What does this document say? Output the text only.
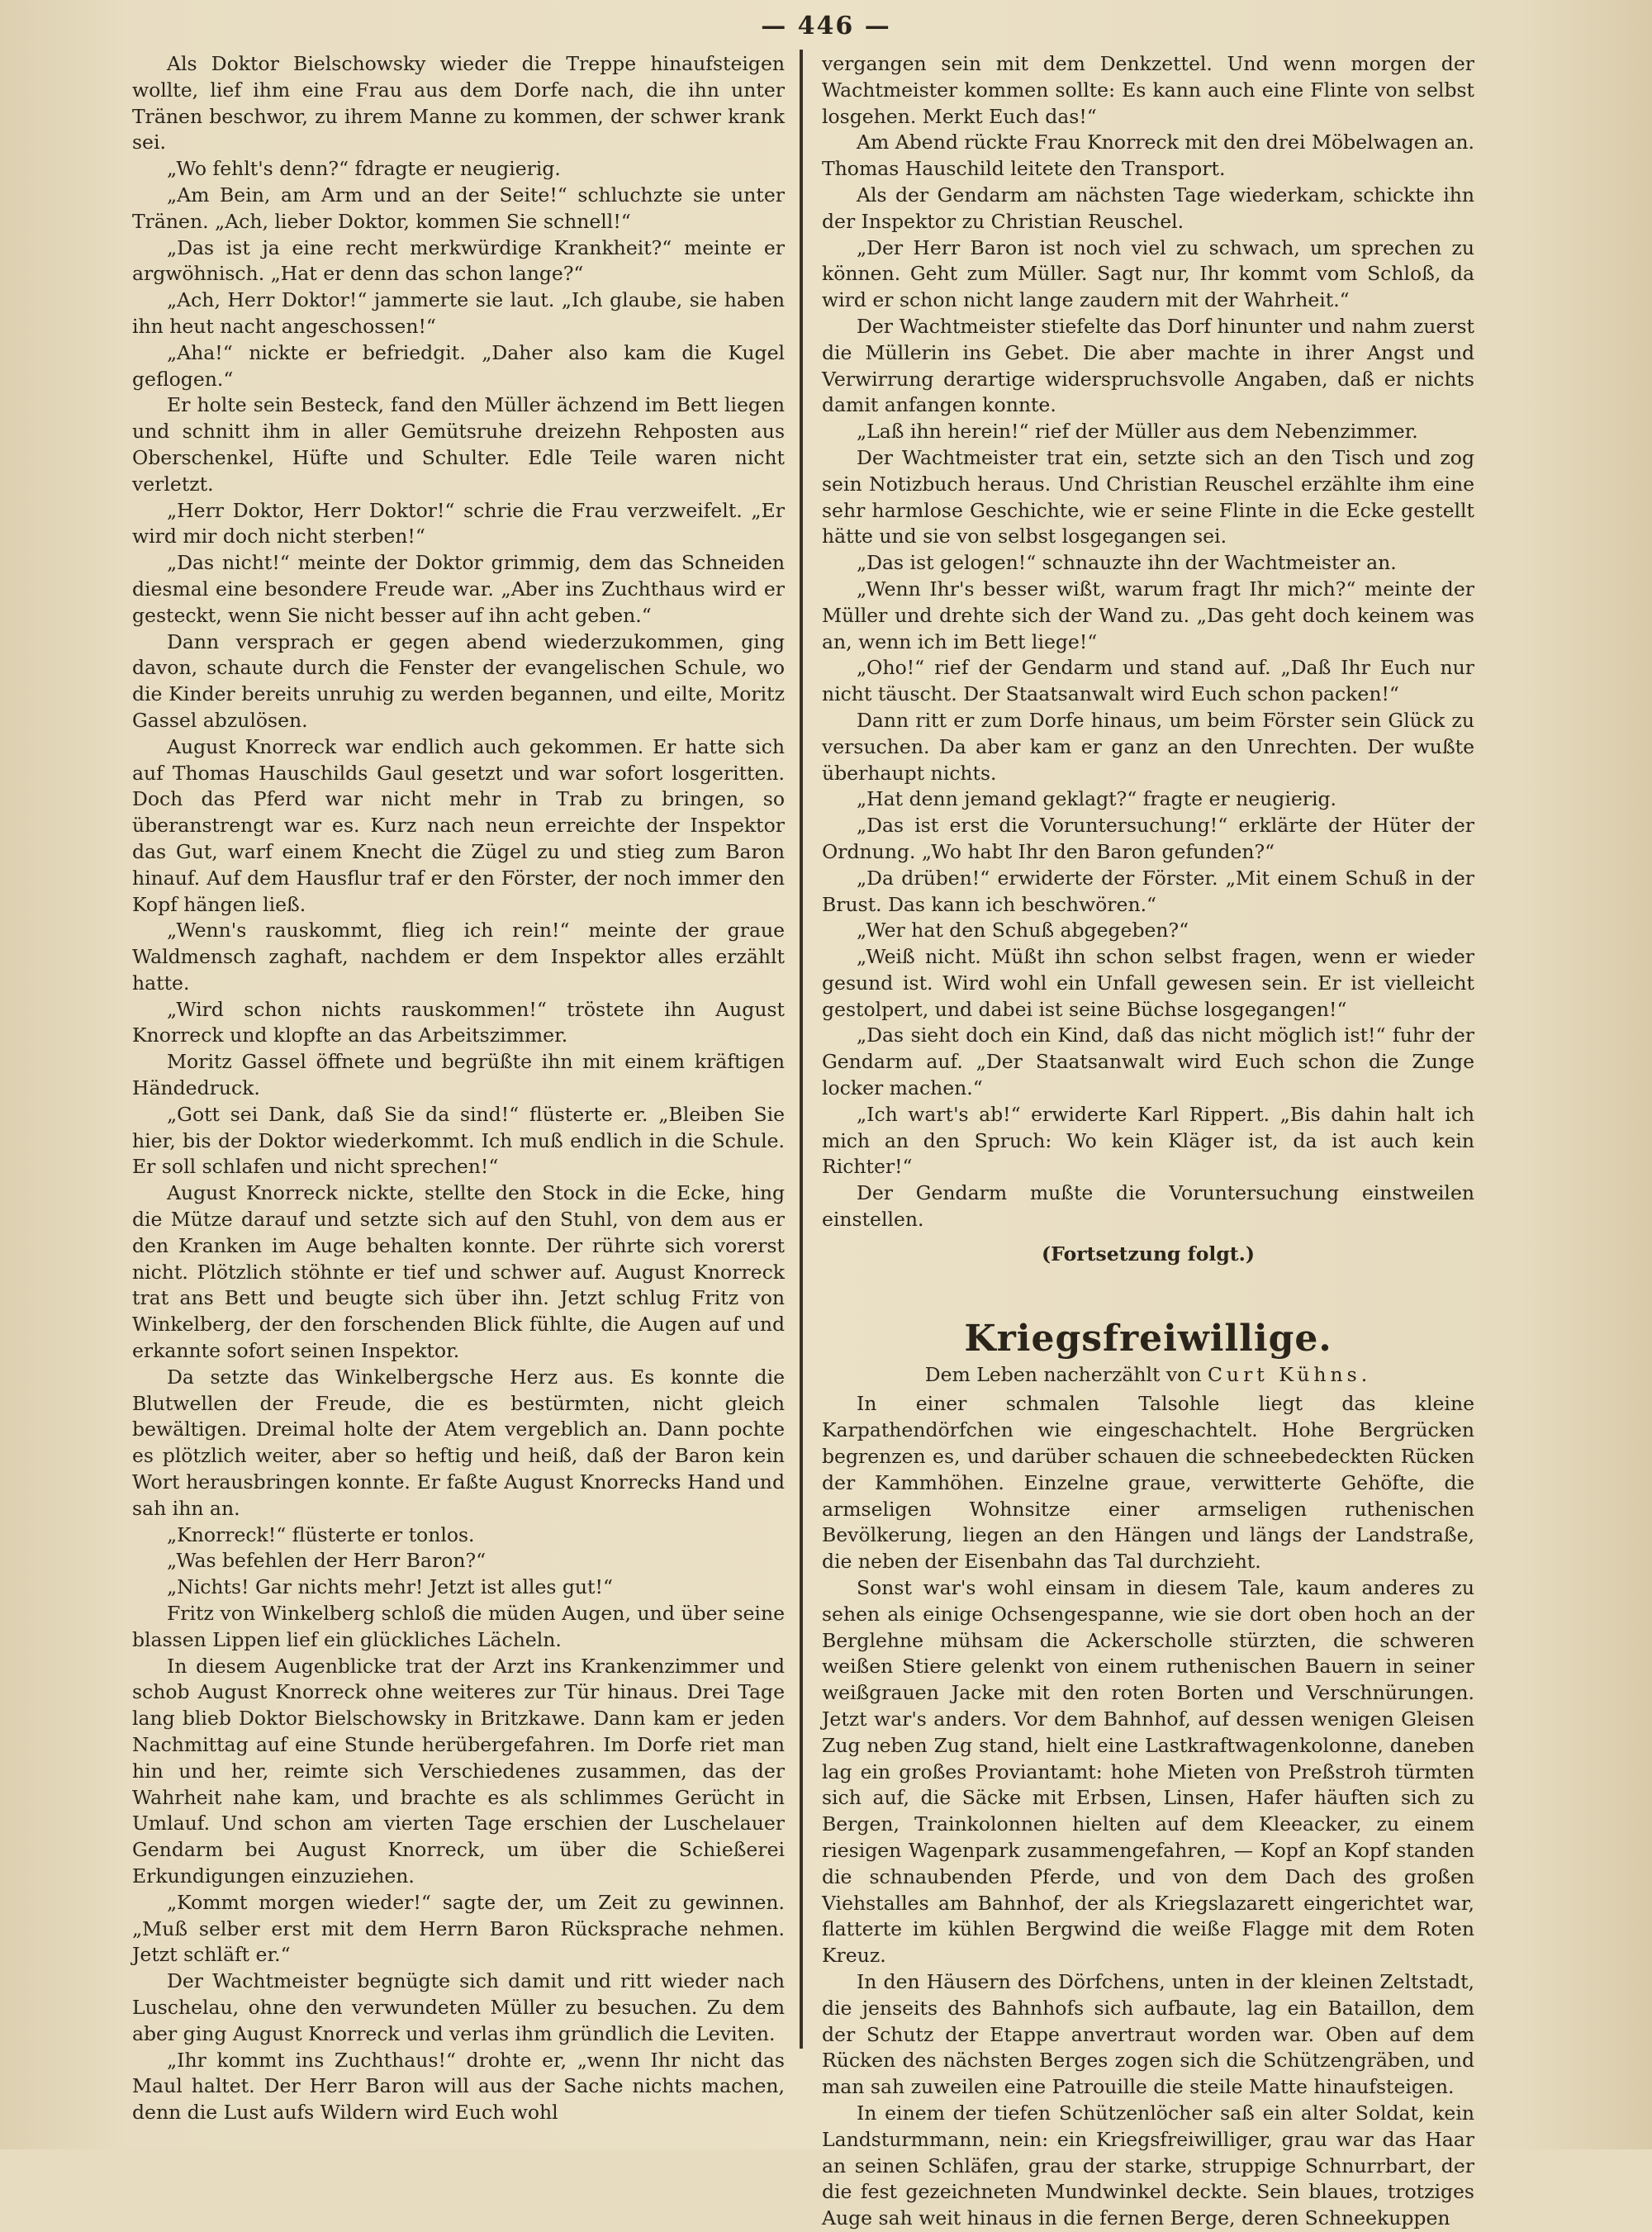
— 446 —

Als Doktor Bielschowsky wieder die Treppe hinaufsteigen wollte, lief ihm eine Frau aus dem Dorfe nach, die ihn unter Tränen beschwor, zu ihrem Manne zu kommen, der schwer krank sei.

„Wo fehlt's denn?“ fdragte er neugierig.

„Am Bein, am Arm und an der Seite!“ schluchzte sie unter Tränen. „Ach, lieber Doktor, kommen Sie schnell!“

„Das ist ja eine recht merkwürdige Krankheit?“ meinte er argwöhnisch. „Hat er denn das schon lange?“

„Ach, Herr Doktor!“ jammerte sie laut. „Ich glaube, sie haben ihn heut nacht angeschossen!“

„Aha!“ nickte er befriedgit. „Daher also kam die Kugel geflogen.“

Er holte sein Besteck, fand den Müller ächzend im Bett liegen und schnitt ihm in aller Gemütsruhe dreizehn Rehposten aus Oberschenkel, Hüfte und Schulter. Edle Teile waren nicht verletzt.

„Herr Doktor, Herr Doktor!“ schrie die Frau verzweifelt. „Er wird mir doch nicht sterben!“

„Das nicht!“ meinte der Doktor grimmig, dem das Schneiden diesmal eine besondere Freude war. „Aber ins Zuchthaus wird er gesteckt, wenn Sie nicht besser auf ihn acht geben.“

Dann versprach er gegen abend wiederzukommen, ging davon, schaute durch die Fenster der evangelischen Schule, wo die Kinder bereits unruhig zu werden begannen, und eilte, Moritz Gassel abzulösen.

August Knorreck war endlich auch gekommen. Er hatte sich auf Thomas Hauschilds Gaul gesetzt und war sofort losgeritten. Doch das Pferd war nicht mehr in Trab zu bringen, so überanstrengt war es. Kurz nach neun erreichte der Inspektor das Gut, warf einem Knecht die Zügel zu und stieg zum Baron hinauf. Auf dem Hausflur traf er den Förster, der noch immer den Kopf hängen ließ.

„Wenn's rauskommt, flieg ich rein!“ meinte der graue Waldmensch zaghaft, nachdem er dem Inspektor alles erzählt hatte.

„Wird schon nichts rauskommen!“ tröstete ihn August Knorreck und klopfte an das Arbeitszimmer.

Moritz Gassel öffnete und begrüßte ihn mit einem kräftigen Händedruck.

„Gott sei Dank, daß Sie da sind!“ flüsterte er. „Bleiben Sie hier, bis der Doktor wiederkommt. Ich muß endlich in die Schule. Er soll schlafen und nicht sprechen!“

August Knorreck nickte, stellte den Stock in die Ecke, hing die Mütze darauf und setzte sich auf den Stuhl, von dem aus er den Kranken im Auge behalten konnte. Der rührte sich vorerst nicht. Plötzlich stöhnte er tief und schwer auf. August Knorreck trat ans Bett und beugte sich über ihn. Jetzt schlug Fritz von Winkelberg, der den forschenden Blick fühlte, die Augen auf und erkannte sofort seinen Inspektor.

Da setzte das Winkelbergsche Herz aus. Es konnte die Blutwellen der Freude, die es bestürmten, nicht gleich bewältigen. Dreimal holte der Atem vergeblich an. Dann pochte es plötzlich weiter, aber so heftig und heiß, daß der Baron kein Wort herausbringen konnte. Er faßte August Knorrecks Hand und sah ihn an.

„Knorreck!“ flüsterte er tonlos.

„Was befehlen der Herr Baron?“

„Nichts! Gar nichts mehr! Jetzt ist alles gut!“

Fritz von Winkelberg schloß die müden Augen, und über seine blassen Lippen lief ein glückliches Lächeln.

In diesem Augenblicke trat der Arzt ins Krankenzimmer und schob August Knorreck ohne weiteres zur Tür hinaus. Drei Tage lang blieb Doktor Bielschowsky in Britzkawe. Dann kam er jeden Nachmittag auf eine Stunde herübergefahren. Im Dorfe riet man hin und her, reimte sich Verschiedenes zusammen, das der Wahrheit nahe kam, und brachte es als schlimmes Gerücht in Umlauf. Und schon am vierten Tage erschien der Luschelauer Gendarm bei August Knorreck, um über die Schießerei Erkundigungen einzuziehen.

„Kommt morgen wieder!“ sagte der, um Zeit zu gewinnen. „Muß selber erst mit dem Herrn Baron Rücksprache nehmen. Jetzt schläft er.“

Der Wachtmeister begnügte sich damit und ritt wieder nach Luschelau, ohne den verwundeten Müller zu besuchen. Zu dem aber ging August Knorreck und verlas ihm gründlich die Leviten.

„Ihr kommt ins Zuchthaus!“ drohte er, „wenn Ihr nicht das Maul haltet. Der Herr Baron will aus der Sache nichts machen, denn die Lust aufs Wildern wird Euch wohl

vergangen sein mit dem Denkzettel. Und wenn morgen der Wachtmeister kommen sollte: Es kann auch eine Flinte von selbst losgehen. Merkt Euch das!“

Am Abend rückte Frau Knorreck mit den drei Möbelwagen an. Thomas Hauschild leitete den Transport.

Als der Gendarm am nächsten Tage wiederkam, schickte ihn der Inspektor zu Christian Reuschel.

„Der Herr Baron ist noch viel zu schwach, um sprechen zu können. Geht zum Müller. Sagt nur, Ihr kommt vom Schloß, da wird er schon nicht lange zaudern mit der Wahrheit.“

Der Wachtmeister stiefelte das Dorf hinunter und nahm zuerst die Müllerin ins Gebet. Die aber machte in ihrer Angst und Verwirrung derartige widerspruchsvolle Angaben, daß er nichts damit anfangen konnte.

„Laß ihn herein!“ rief der Müller aus dem Nebenzimmer.

Der Wachtmeister trat ein, setzte sich an den Tisch und zog sein Notizbuch heraus. Und Christian Reuschel erzählte ihm eine sehr harmlose Geschichte, wie er seine Flinte in die Ecke gestellt hätte und sie von selbst losgegangen sei.

„Das ist gelogen!“ schnauzte ihn der Wachtmeister an.

„Wenn Ihr's besser wißt, warum fragt Ihr mich?“ meinte der Müller und drehte sich der Wand zu. „Das geht doch keinem was an, wenn ich im Bett liege!“

„Oho!“ rief der Gendarm und stand auf. „Daß Ihr Euch nur nicht täuscht. Der Staatsanwalt wird Euch schon packen!“

Dann ritt er zum Dorfe hinaus, um beim Förster sein Glück zu versuchen. Da aber kam er ganz an den Unrechten. Der wußte überhaupt nichts.

„Hat denn jemand geklagt?“ fragte er neugierig.

„Das ist erst die Voruntersuchung!“ erklärte der Hüter der Ordnung. „Wo habt Ihr den Baron gefunden?“

„Da drüben!“ erwiderte der Förster. „Mit einem Schuß in der Brust. Das kann ich beschwören.“

„Wer hat den Schuß abgegeben?“

„Weiß nicht. Müßt ihn schon selbst fragen, wenn er wieder gesund ist. Wird wohl ein Unfall gewesen sein. Er ist vielleicht gestolpert, und dabei ist seine Büchse losgegangen!“

„Das sieht doch ein Kind, daß das nicht möglich ist!“ fuhr der Gendarm auf. „Der Staatsanwalt wird Euch schon die Zunge locker machen.“

„Ich wart's ab!“ erwiderte Karl Rippert. „Bis dahin halt ich mich an den Spruch: Wo kein Kläger ist, da ist auch kein Richter!“

Der Gendarm mußte die Voruntersuchung einstweilen einstellen.

(Fortsetzung folgt.)
Kriegsfreiwillige.
Dem Leben nacherzählt von Curt Kühns.

In einer schmalen Talsohle liegt das kleine Karpathendörfchen wie eingeschachtelt. Hohe Bergrücken begrenzen es, und darüber schauen die schneebedeckten Rücken der Kammhöhen. Einzelne graue, verwitterte Gehöfte, die armseligen Wohnsitze einer armseligen ruthenischen Bevölkerung, liegen an den Hängen und längs der Landstraße, die neben der Eisenbahn das Tal durchzieht.

Sonst war's wohl einsam in diesem Tale, kaum anderes zu sehen als einige Ochsengespanne, wie sie dort oben hoch an der Berglehne mühsam die Ackerscholle stürzten, die schweren weißen Stiere gelenkt von einem ruthenischen Bauern in seiner weißgrauen Jacke mit den roten Borten und Verschnürungen. Jetzt war's anders. Vor dem Bahnhof, auf dessen wenigen Gleisen Zug neben Zug stand, hielt eine Lastkraftwagenkolonne, daneben lag ein großes Proviantamt: hohe Mieten von Preßstroh türmten sich auf, die Säcke mit Erbsen, Linsen, Hafer häuften sich zu Bergen, Trainkolonnen hielten auf dem Kleeacker, zu einem riesigen Wagenpark zusammengefahren, — Kopf an Kopf standen die schnaubenden Pferde, und von dem Dach des großen Viehstalles am Bahnhof, der als Kriegslazarett eingerichtet war, flatterte im kühlen Bergwind die weiße Flagge mit dem Roten Kreuz.

In den Häusern des Dörfchens, unten in der kleinen Zeltstadt, die jenseits des Bahnhofs sich aufbaute, lag ein Bataillon, dem der Schutz der Etappe anvertraut worden war. Oben auf dem Rücken des nächsten Berges zogen sich die Schützengräben, und man sah zuweilen eine Patrouille die steile Matte hinaufsteigen.

In einem der tiefen Schützenlöcher saß ein alter Soldat, kein Landsturmmann, nein: ein Kriegsfreiwilliger, grau war das Haar an seinen Schläfen, grau der starke, struppige Schnurrbart, der die fest gezeichneten Mundwinkel deckte. Sein blaues, trotziges Auge sah weit hinaus in die fernen Berge, deren Schneekuppen
